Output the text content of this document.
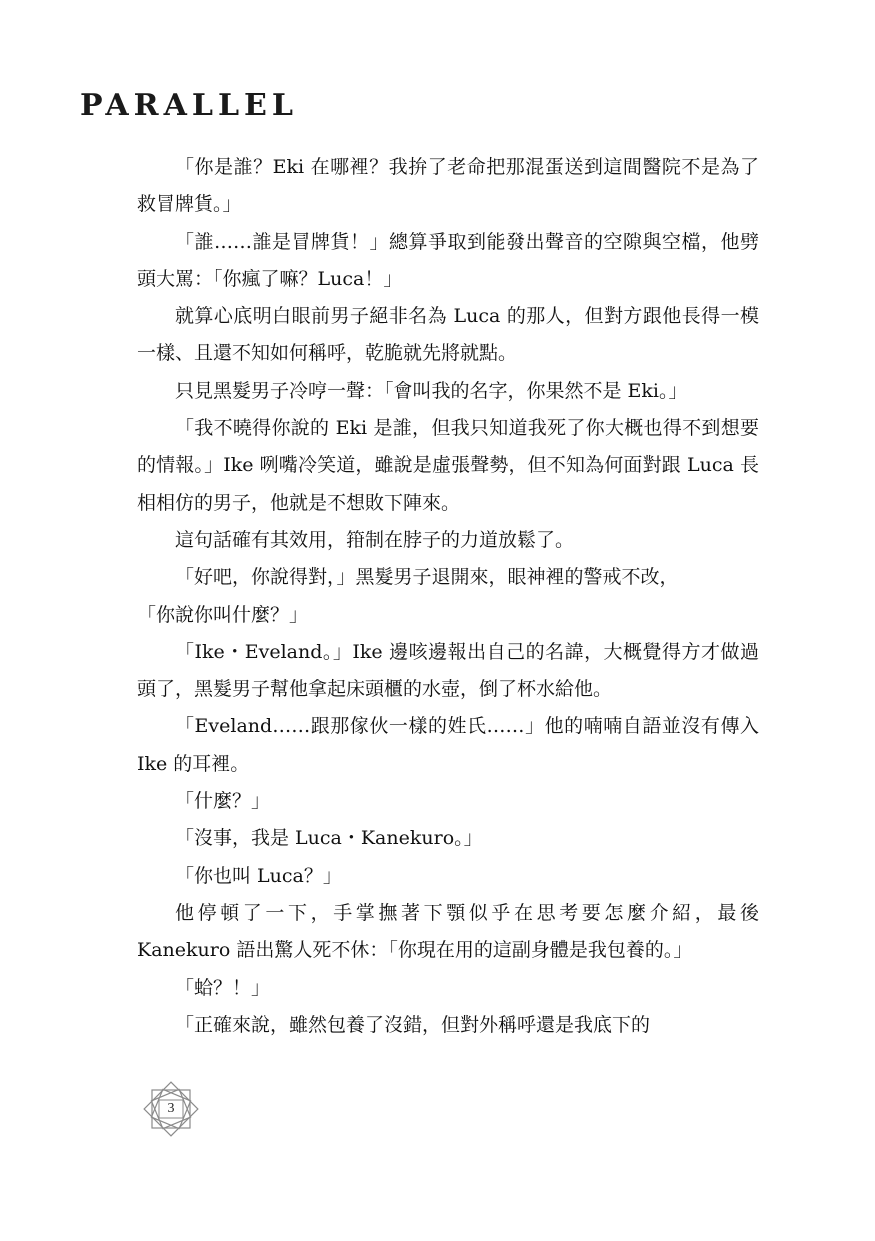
PARALLEL

「你是誰？Eki 在哪裡？我拚了老命把那混蛋送到這間醫院不是為了救冒牌貨。」

「誰……誰是冒牌貨！」總算爭取到能發出聲音的空隙與空檔，他劈頭大罵：「你瘋了嘛？Luca！」

就算心底明白眼前男子絕非名為 Luca 的那人，但對方跟他長得一模一樣、且還不知如何稱呼，乾脆就先將就點。

只見黑髮男子冷哼一聲：「會叫我的名字，你果然不是 Eki。」

「我不曉得你說的 Eki 是誰，但我只知道我死了你大概也得不到想要的情報。」Ike 咧嘴冷笑道，雖說是虛張聲勢，但不知為何面對跟 Luca 長相相仿的男子，他就是不想敗下陣來。

這句話確有其效用，箝制在脖子的力道放鬆了。

「好吧，你說得對，」黑髮男子退開來，眼神裡的警戒不改，

「你說你叫什麼？」

「Ike・Eveland。」Ike 邊咳邊報出自己的名諱，大概覺得方才做過頭了，黑髮男子幫他拿起床頭櫃的水壺，倒了杯水給他。

「Eveland……跟那傢伙一樣的姓氏……」他的喃喃自語並沒有傳入 Ike 的耳裡。

「什麼？」

「沒事，我是 Luca・Kanekuro。」

「你也叫 Luca？」

他停頓了一下，手掌撫著下顎似乎在思考要怎麼介紹，最後 Kanekuro 語出驚人死不休：「你現在用的這副身體是我包養的。」

「蛤？！」

「正確來說，雖然包養了沒錯，但對外稱呼還是我底下的

3
